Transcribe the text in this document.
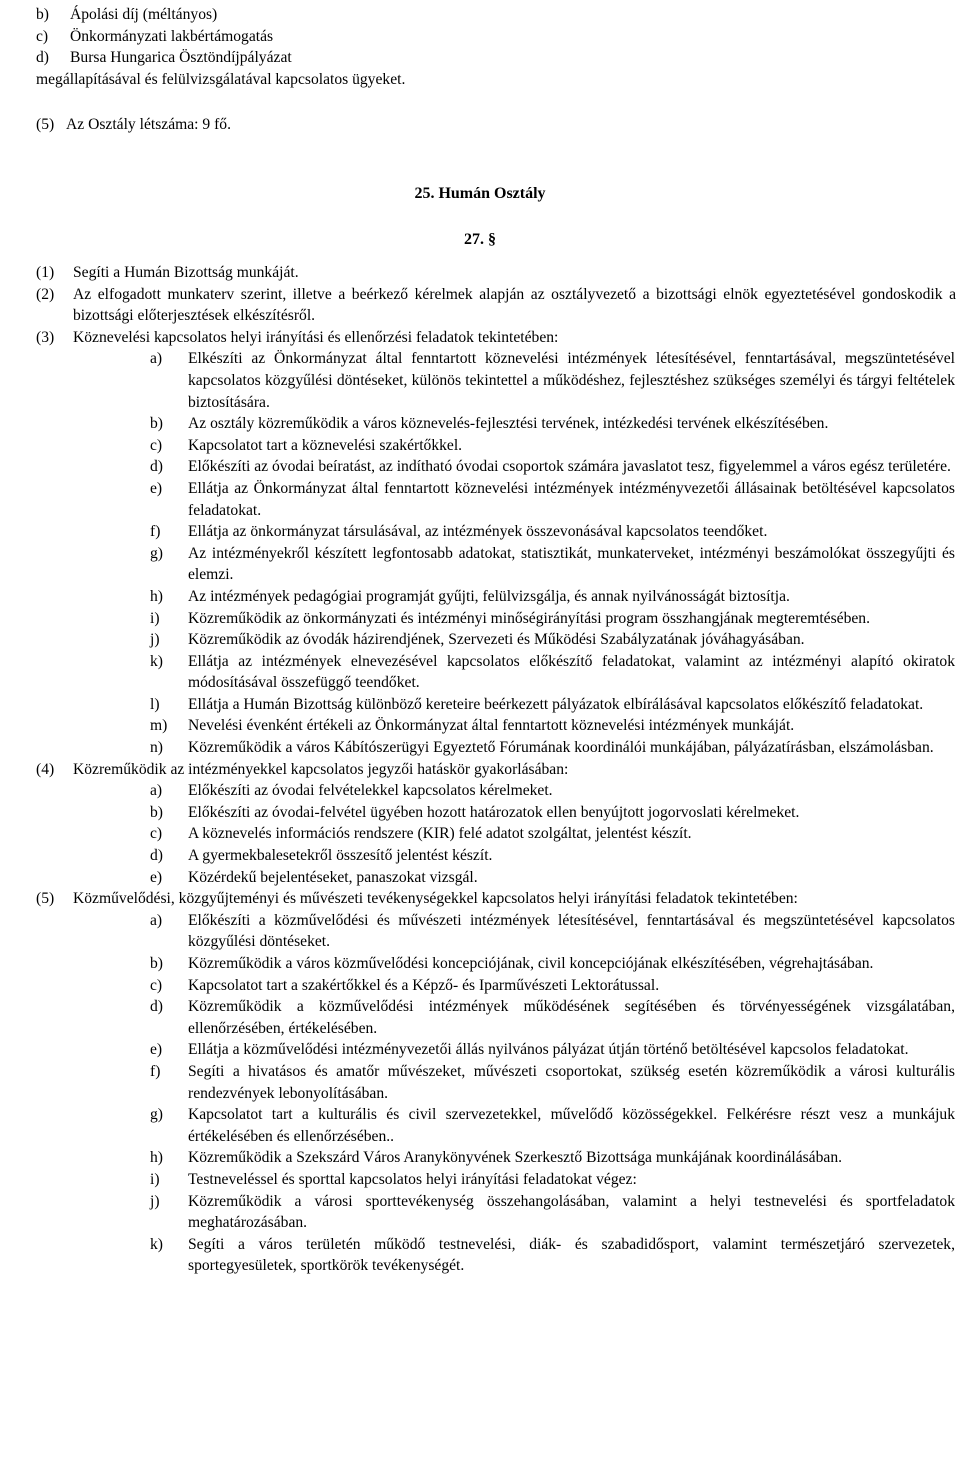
b)	Ápolási díj (méltányos)
c)	Önkormányzati lakbértámogatás
d)	Bursa Hungarica Ösztöndíjpályázat
megállapításával és felülvizsgálatával kapcsolatos ügyeket.
(5) Az Osztály létszáma: 9 fő.
25. Humán Osztály
27. §
(1)	Segíti a Humán Bizottság munkáját.
(2)	Az elfogadott munkaterv szerint, illetve a beérkező kérelmek alapján az osztályvezető a bizottsági elnök egyeztetésével gondoskodik a bizottsági előterjesztések elkészítésről.
(3)	Köznevelési kapcsolatos helyi irányítási és ellenőrzési feladatok tekintetében:
a)	Elkészíti az Önkormányzat által fenntartott köznevelési intézmények létesítésével, fenntartásával, megszüntetésével kapcsolatos közgyűlési döntéseket, különös tekintettel a működéshez, fejlesztéshez szükséges személyi és tárgyi feltételek biztosítására.
b)	Az osztály közreműködik a város köznevelés-fejlesztési tervének, intézkedési tervének elkészítésében.
c)	Kapcsolatot tart a köznevelési szakértőkkel.
d)	Előkészíti az óvodai beíratást, az indítható óvodai csoportok számára javaslatot tesz, figyelemmel a város egész területére.
e)	Ellátja az Önkormányzat által fenntartott köznevelési intézmények intézményvezetői állásainak betöltésével kapcsolatos feladatokat.
f)	Ellátja az önkormányzat társulásával, az intézmények összevonásával kapcsolatos teendőket.
g)	Az intézményekről készített legfontosabb adatokat, statisztikát, munkaterveket, intézményi beszámolókat összegyűjti és elemzi.
h)	Az intézmények pedagógiai programját gyűjti, felülvizsgálja, és annak nyilvánosságát biztosítja.
i)	Közreműködik az önkormányzati és intézményi minőségirányítási program összhangjának megteremtésében.
j)	Közreműködik az óvodák házirendjének, Szervezeti és Működési Szabályzatának jóváhagyásában.
k)	Ellátja az intézmények elnevezésével kapcsolatos előkészítő feladatokat, valamint az intézményi alapító okiratok módosításával összefüggő teendőket.
l)	Ellátja a Humán Bizottság különböző kereteire beérkezett pályázatok elbírálásával kapcsolatos előkészítő feladatokat.
m)	Nevelési évenként értékeli az Önkormányzat által fenntartott köznevelési intézmények munkáját.
n)	Közreműködik a város Kábítószerügyi Egyeztető Fórumának koordinálói munkájában, pályázatírásban, elszámolásban.
(4)	Közreműködik az intézményekkel kapcsolatos jegyzői hatáskör gyakorlásában:
a)	Előkészíti az óvodai felvételekkel kapcsolatos kérelmeket.
b)	Előkészíti az óvodai-felvétel ügyében hozott határozatok ellen benyújtott jogorvoslati kérelmeket.
c)	A köznevelés információs rendszere (KIR) felé adatot szolgáltat, jelentést készít.
d)	A gyermekbalesetekről összesítő jelentést készít.
e)	Közérdekű bejelentéseket, panaszokat vizsgál.
(5)	Közművelődési, közgyűjteményi és művészeti tevékenységekkel kapcsolatos helyi irányítási feladatok tekintetében:
a)	Előkészíti a közművelődési és művészeti intézmények létesítésével, fenntartásával és megszüntetésével kapcsolatos közgyűlési döntéseket.
b)	Közreműködik a város közművelődési koncepciójának, civil koncepciójának elkészítésében, végrehajtásában.
c)	Kapcsolatot tart a szakértőkkel és a Képző- és Iparművészeti Lektorátussal.
d)	Közreműködik a közművelődési intézmények működésének segítésében és törvényességének vizsgálatában, ellenőrzésében, értékelésében.
e)	Ellátja a közművelődési intézményvezetői állás nyilvános pályázat útján történő betöltésével kapcsolos feladatokat.
f)	Segíti a hivatásos és amatőr művészeket, művészeti csoportokat, szükség esetén közreműködik a városi kulturális rendezvények lebonyolításában.
g)	Kapcsolatot tart a kulturális és civil szervezetekkel, művelődő közösségekkel. Felkérésre részt vesz a munkájuk értékelésében és ellenőrzésében..
h)	Közreműködik a Szekszárd Város Aranykönyvének Szerkesztő Bizottsága munkájának koordinálásában.
i)	Testneveléssel és sporttal kapcsolatos helyi irányítási feladatokat végez:
j)	Közreműködik a városi sporttevékenység összehangolásában, valamint a helyi testnevelési és sportfeladatok meghatározásában.
k)	Segíti a város területén működő testnevelési, diák- és szabadidősport, valamint természetjáró szervezetek, sportegyesületek, sportkörök tevékenységét.
